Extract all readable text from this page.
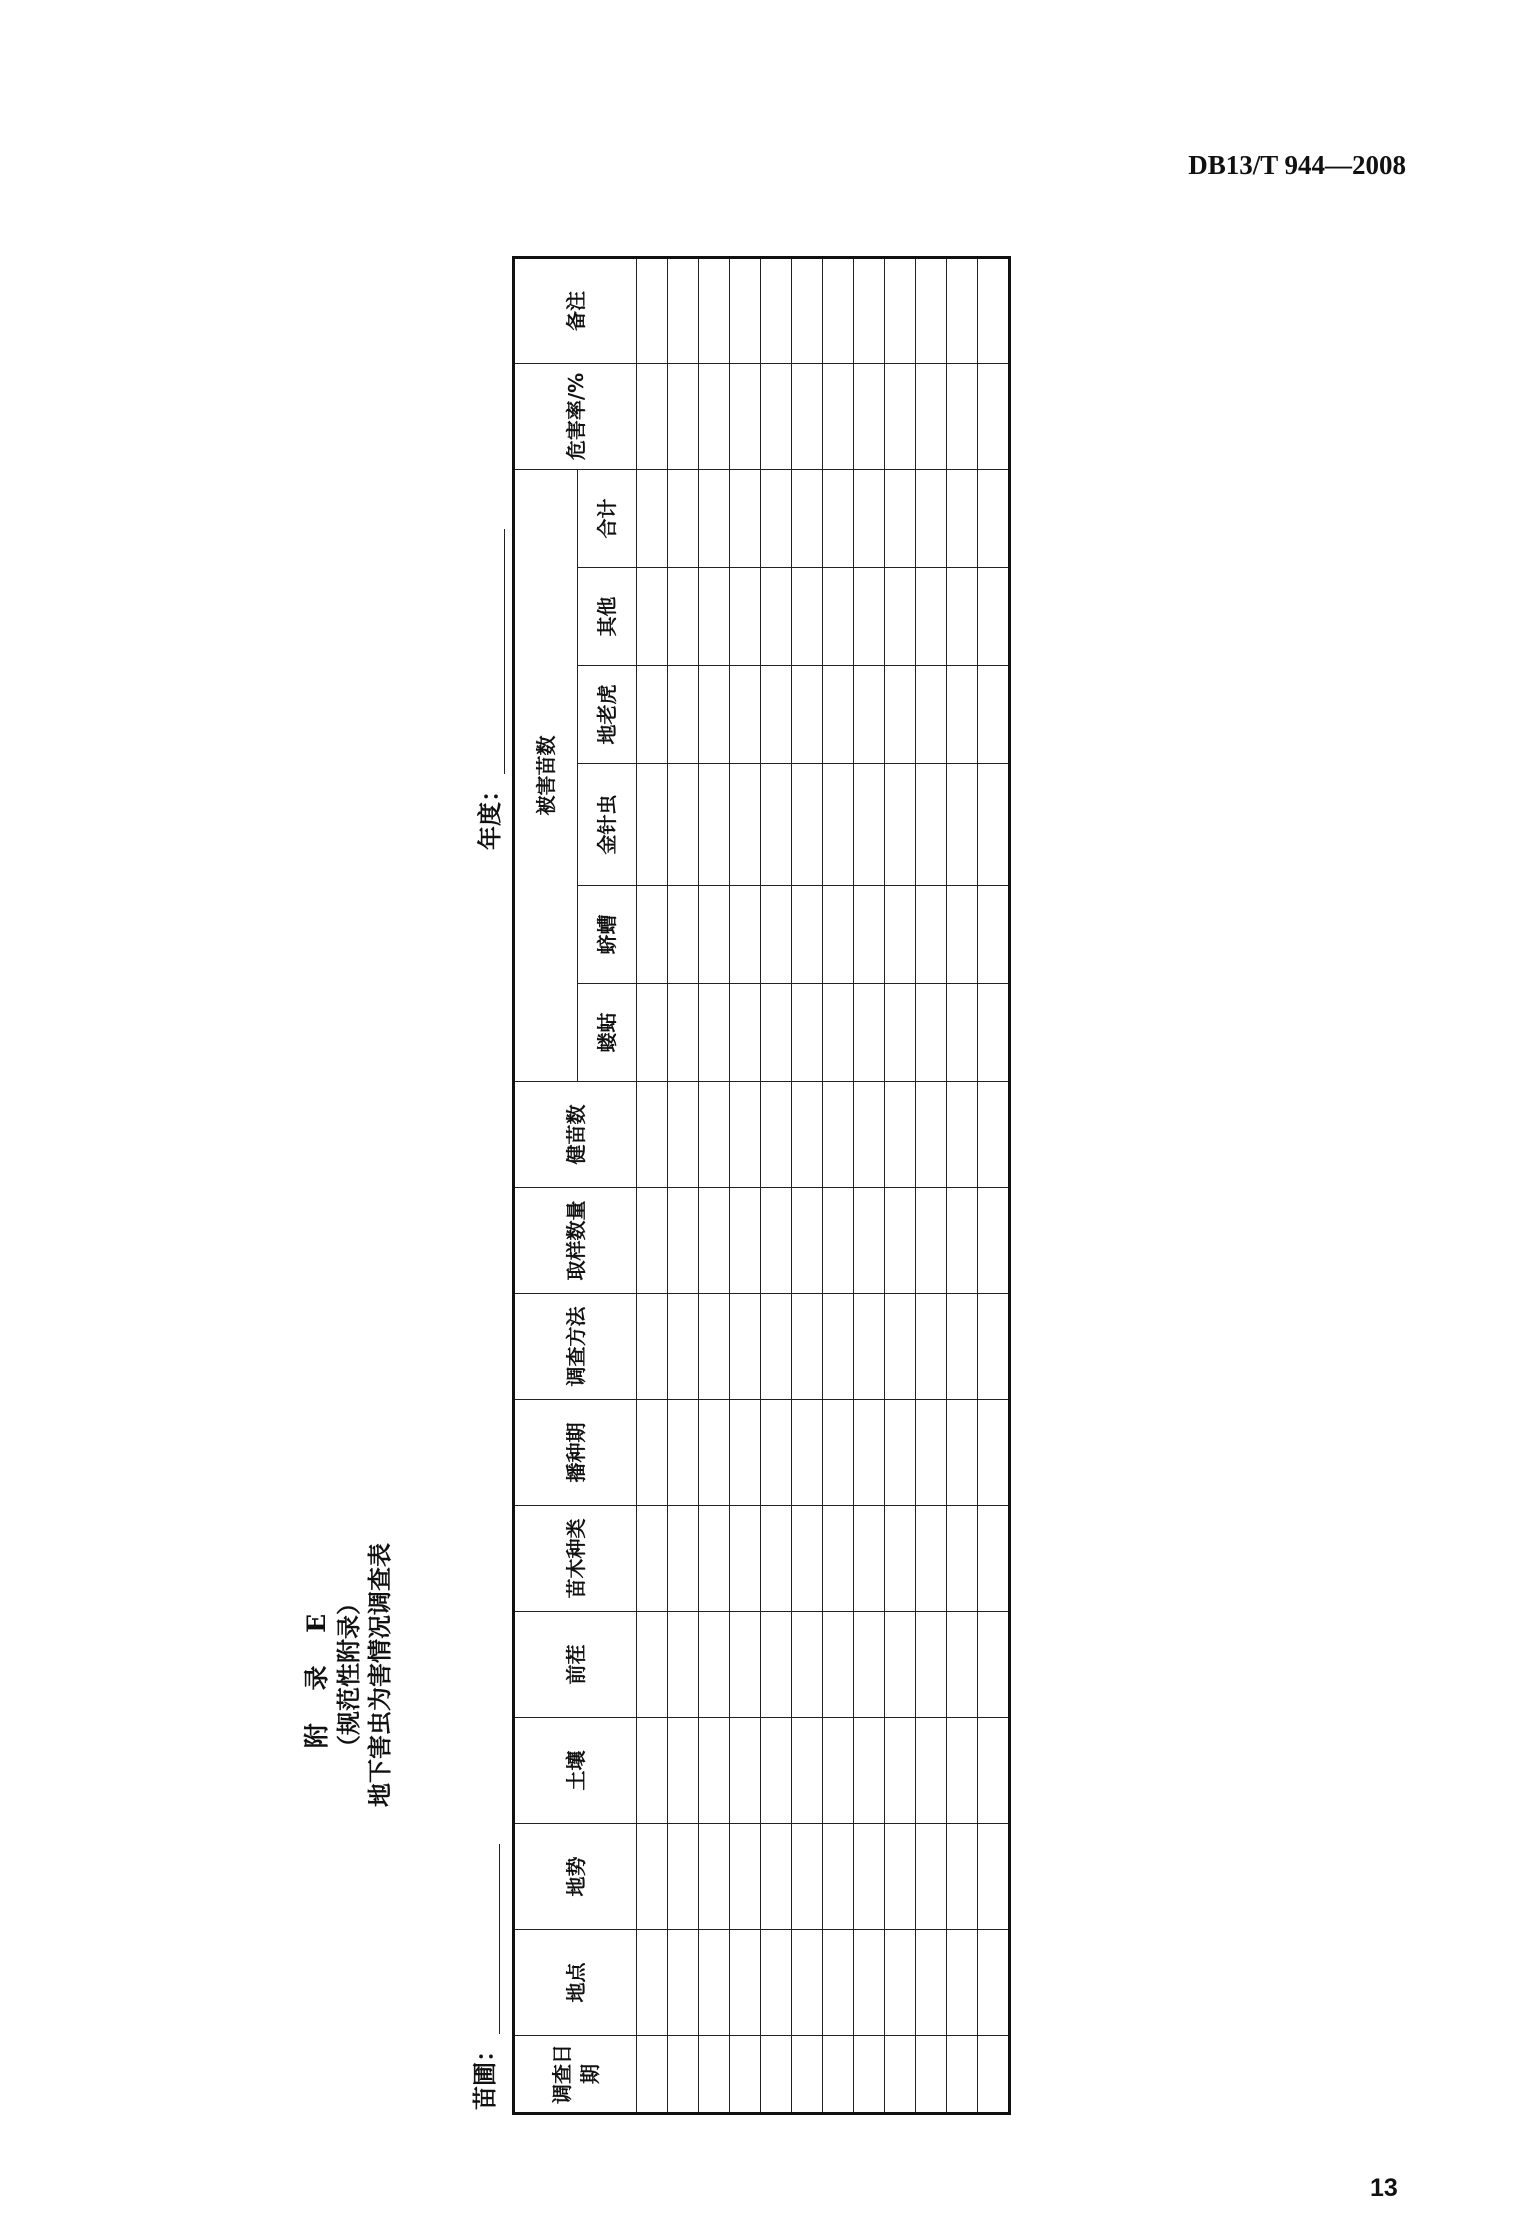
DB13/T 944—2008
附 录 E （规范性附录） 地下害虫为害情况调查表
苗圃：
年度：
调查日期	地点	地势	土壤	前茬	苗木种类	播种期	调查方法	取样数量	健苗数	被害苗数						危害率/%	备注
										蝼蛄	蛴螬	金针虫	地老虎	其他	合计		

13
